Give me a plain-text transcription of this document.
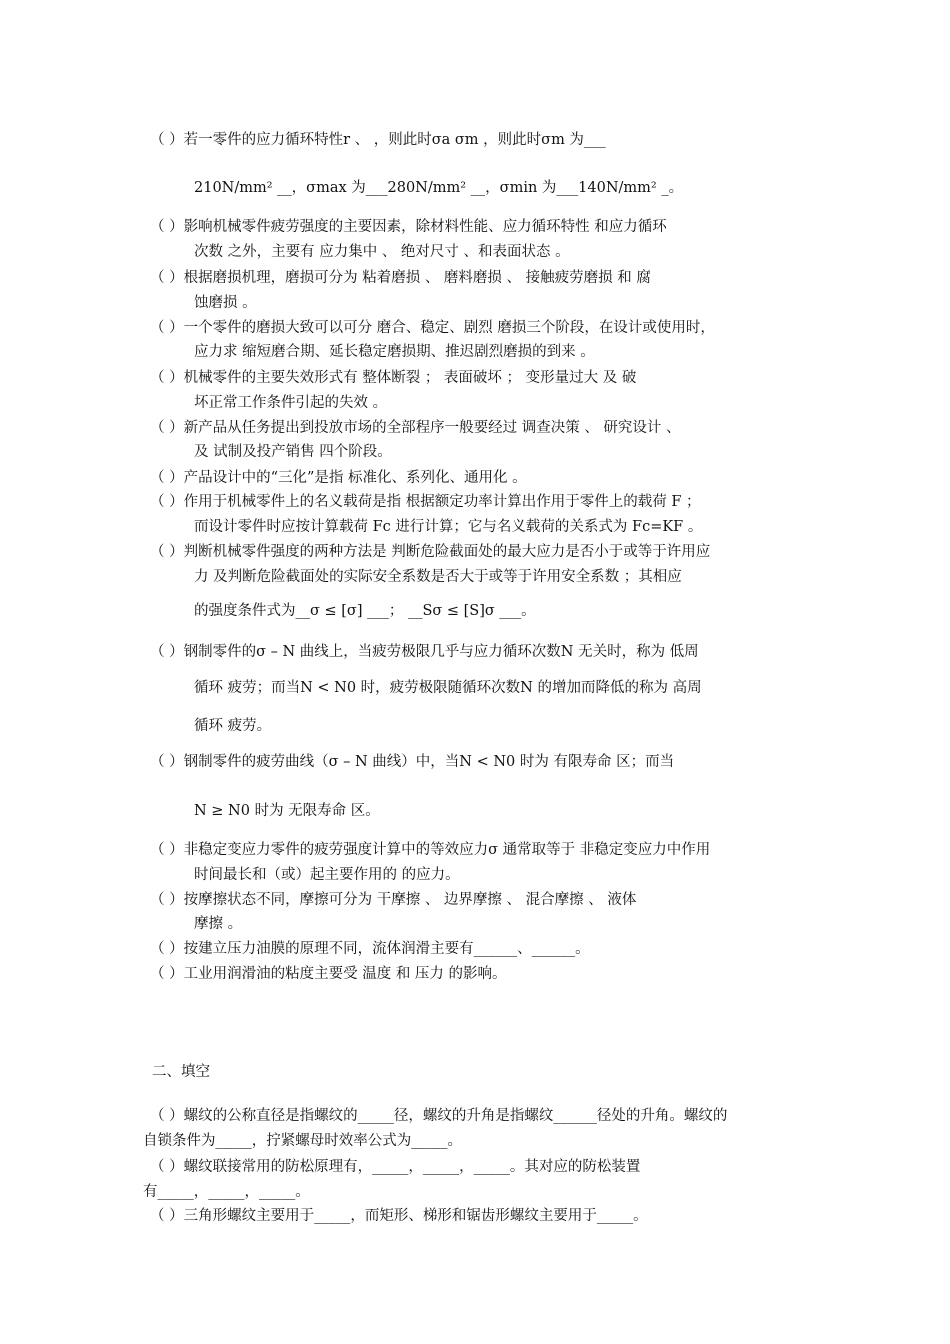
（ ）若一零件的应力循环特性r 、 ，则此时σa σm ，则此时σm 为___
210N/mm² __，σmax 为___280N/mm² __，σmin 为___140N/mm² _。
（ ）影响机械零件疲劳强度的主要因素，除材料性能、应力循环特性 和应力循环
次数 之外，主要有 应力集中 、 绝对尺寸 、和表面状态 。
（ ）根据磨损机理，磨损可分为 粘着磨损 、 磨料磨损 、 接触疲劳磨损 和 腐
蚀磨损 。
（ ）一个零件的磨损大致可以可分 磨合、稳定、剧烈 磨损三个阶段，在设计或使用时，
应力求 缩短磨合期、延长稳定磨损期、推迟剧烈磨损的到来 。
（ ）机械零件的主要失效形式有 整体断裂 ； 表面破坏 ； 变形量过大 及 破
坏正常工作条件引起的失效 。
（ ）新产品从任务提出到投放市场的全部程序一般要经过 调查决策 、 研究设计 、
及 试制及投产销售 四个阶段。
（ ）产品设计中的“三化”是指 标准化、系列化、通用化 。
（ ）作用于机械零件上的名义载荷是指 根据额定功率计算出作用于零件上的载荷 F ；
而设计零件时应按计算载荷 Fc 进行计算；它与名义载荷的关系式为 Fc=KF 。
（ ）判断机械零件强度的两种方法是 判断危险截面处的最大应力是否小于或等于许用应
力 及判断危险截面处的实际安全系数是否大于或等于许用安全系数 ；其相应
的强度条件式为__σ ≤ [σ] ___； __Sσ ≤ [S]σ ___。
（ ）钢制零件的σ – N 曲线上，当疲劳极限几乎与应力循环次数N 无关时，称为 低周
循环 疲劳；而当N < N0 时，疲劳极限随循环次数N 的增加而降低的称为 高周
循环 疲劳。
（ ）钢制零件的疲劳曲线（σ – N 曲线）中，当N < N0 时为 有限寿命 区；而当
N ≥ N0 时为 无限寿命 区。
（ ）非稳定变应力零件的疲劳强度计算中的等效应力σ 通常取等于 非稳定变应力中作用
时间最长和（或）起主要作用的 的应力。
（ ）按摩擦状态不同，摩擦可分为 干摩擦 、 边界摩擦 、 混合摩擦 、 液体
摩擦 。
（ ）按建立压力油膜的原理不同，流体润滑主要有______、______。
（ ）工业用润滑油的粘度主要受 温度 和 压力 的影响。
二、填空
（ ）螺纹的公称直径是指螺纹的_____径，螺纹的升角是指螺纹______径处的升角。螺纹的
自锁条件为_____，拧紧螺母时效率公式为_____。
（ ）螺纹联接常用的防松原理有，_____，_____，_____。其对应的防松装置
有_____，_____，_____。
（ ）三角形螺纹主要用于_____，而矩形、梯形和锯齿形螺纹主要用于_____。
